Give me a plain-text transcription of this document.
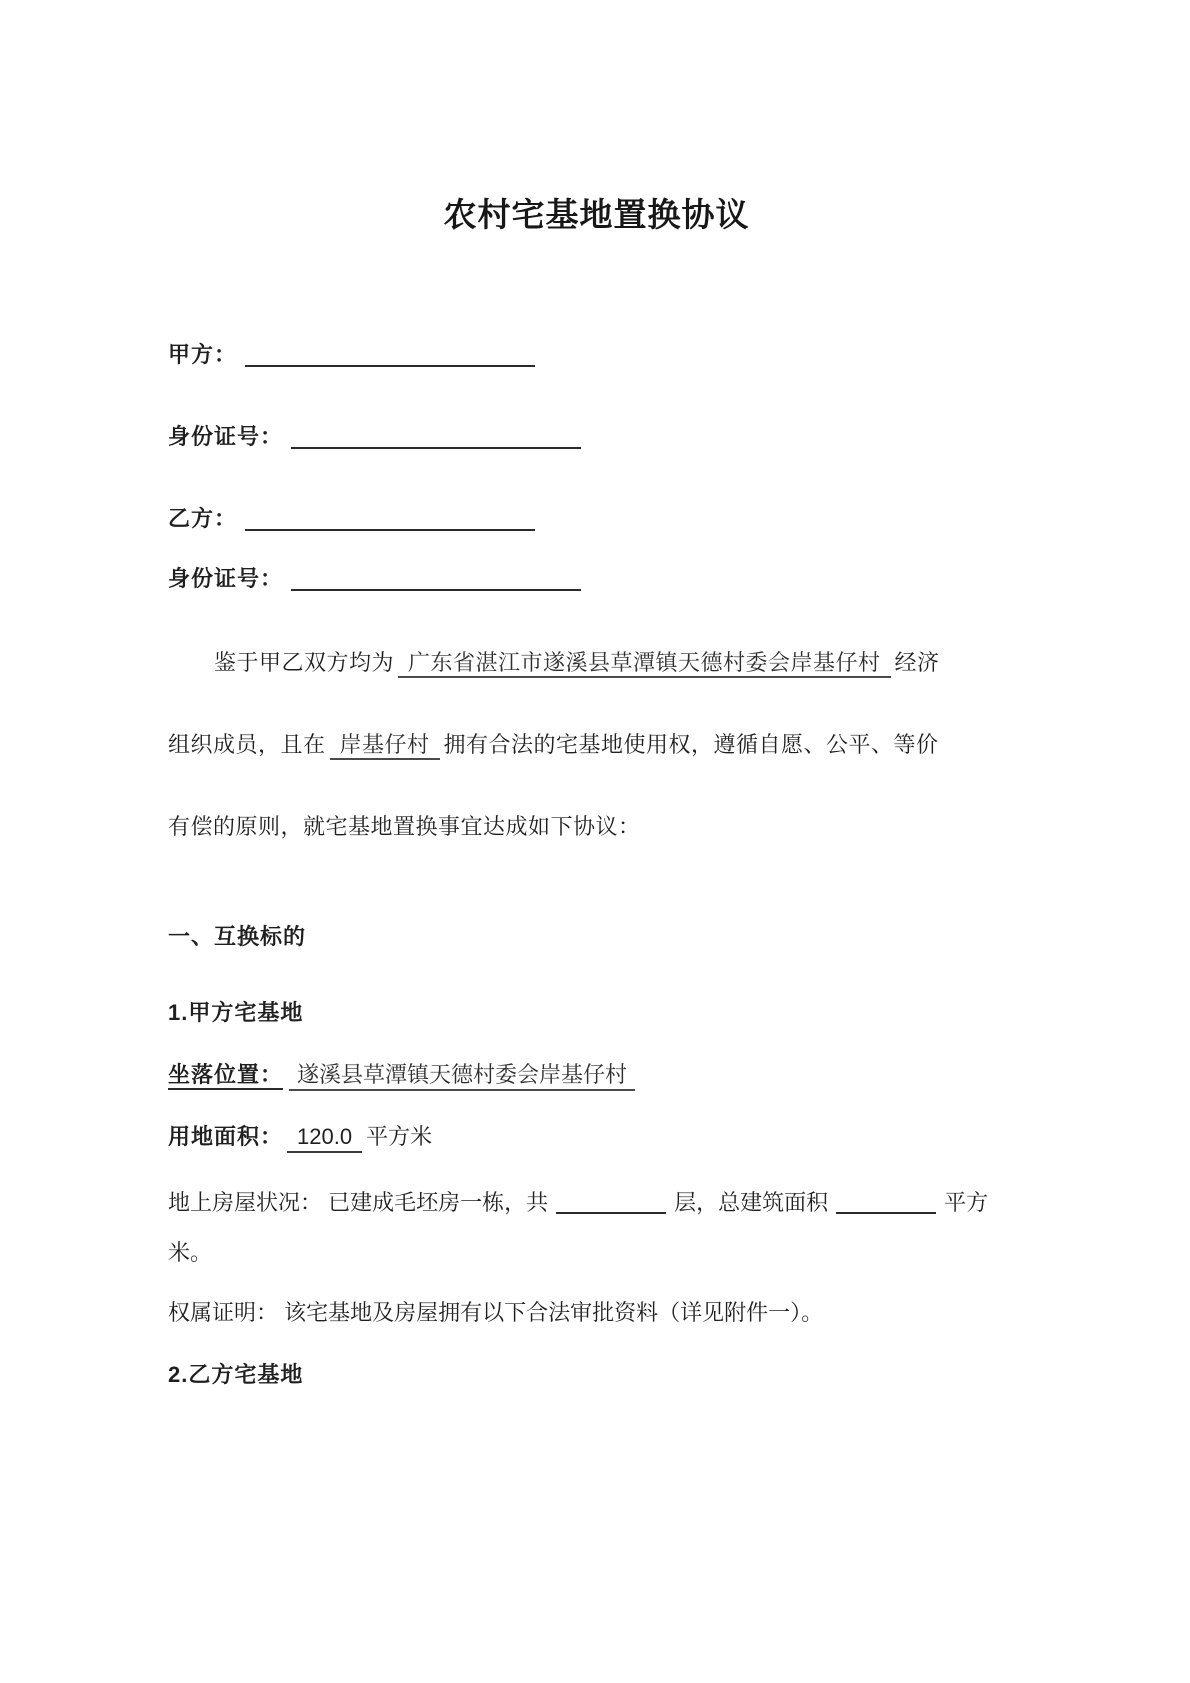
农村宅基地置换协议
甲方：
身份证号：
乙方：
身份证号：
鉴于甲乙双方均为 广东省湛江市遂溪县草潭镇天德村委会岸基仔村 经济
组织成员，且在 岸基仔村 拥有合法的宅基地使用权，遵循自愿、公平、等价
有偿的原则，就宅基地置换事宜达成如下协议：
一、互换标的
1.甲方宅基地
坐落位置： 遂溪县草潭镇天德村委会岸基仔村
用地面积： 120.0 平方米
地上房屋状况： 已建成毛坯房一栋，共	层，总建筑面积	平方米。
权属证明： 该宅基地及房屋拥有以下合法审批资料（详见附件一）。
2.乙方宅基地
